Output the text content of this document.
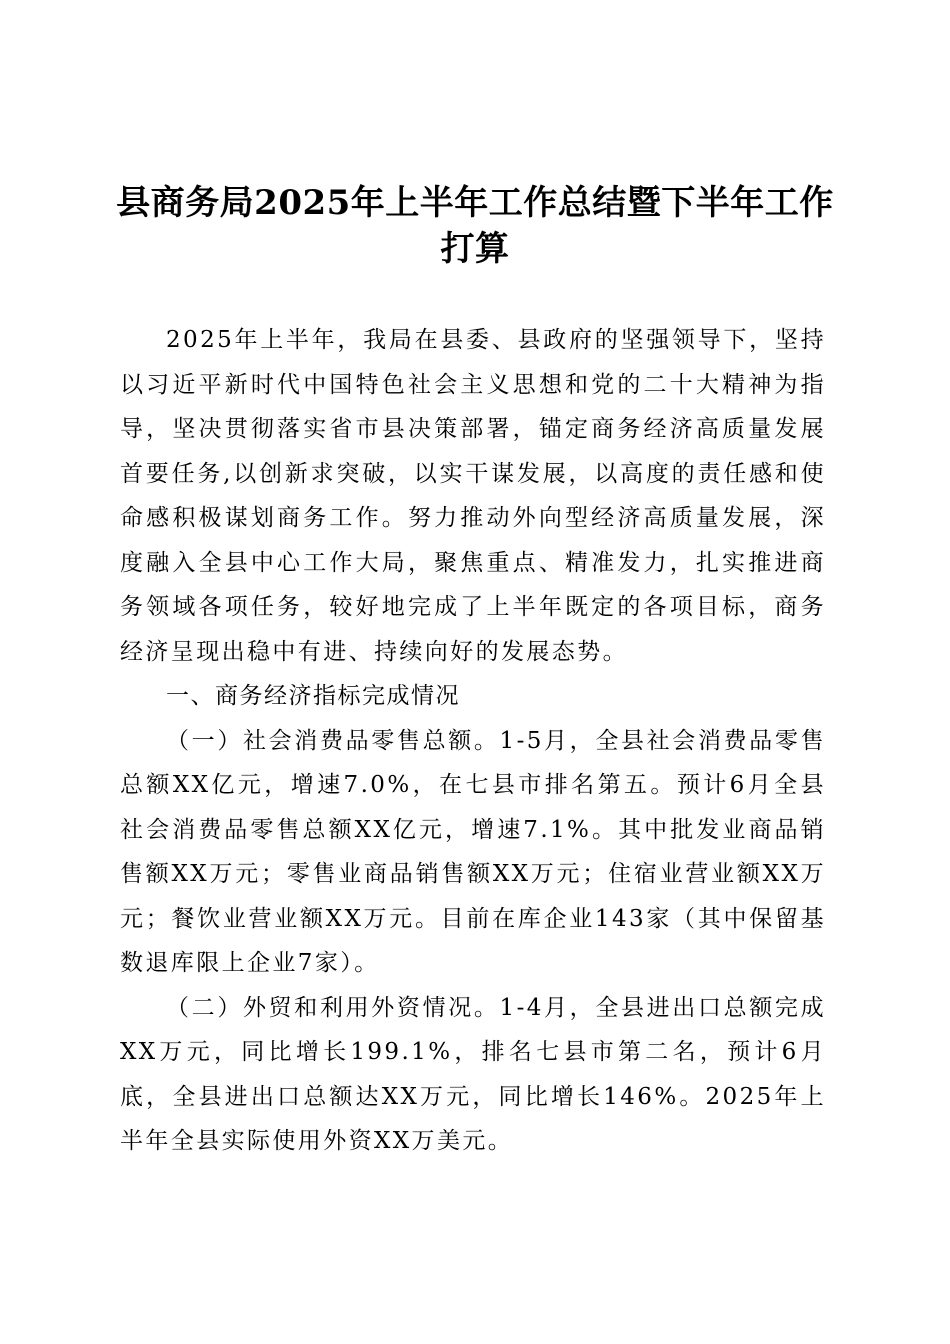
县商务局2025年上半年工作总结暨下半年工作打算

2025年上半年，我局在县委、县政府的坚强领导下，坚持以习近平新时代中国特色社会主义思想和党的二十大精神为指导，坚决贯彻落实省市县决策部署，锚定商务经济高质量发展首要任务,以创新求突破，以实干谋发展，以高度的责任感和使命感积极谋划商务工作。努力推动外向型经济高质量发展，深度融入全县中心工作大局，聚焦重点、精准发力，扎实推进商务领域各项任务，较好地完成了上半年既定的各项目标，商务经济呈现出稳中有进、持续向好的发展态势。

一、商务经济指标完成情况

（一）社会消费品零售总额。1-5月，全县社会消费品零售总额XX亿元，增速7.0%，在七县市排名第五。预计6月全县社会消费品零售总额XX亿元，增速7.1%。其中批发业商品销售额XX万元；零售业商品销售额XX万元；住宿业营业额XX万元；餐饮业营业额XX万元。目前在库企业143家（其中保留基数退库限上企业7家）。

（二）外贸和利用外资情况。1-4月，全县进出口总额完成XX万元，同比增长199.1%，排名七县市第二名，预计6月底，全县进出口总额达XX万元，同比增长146%。2025年上半年全县实际使用外资XX万美元。
